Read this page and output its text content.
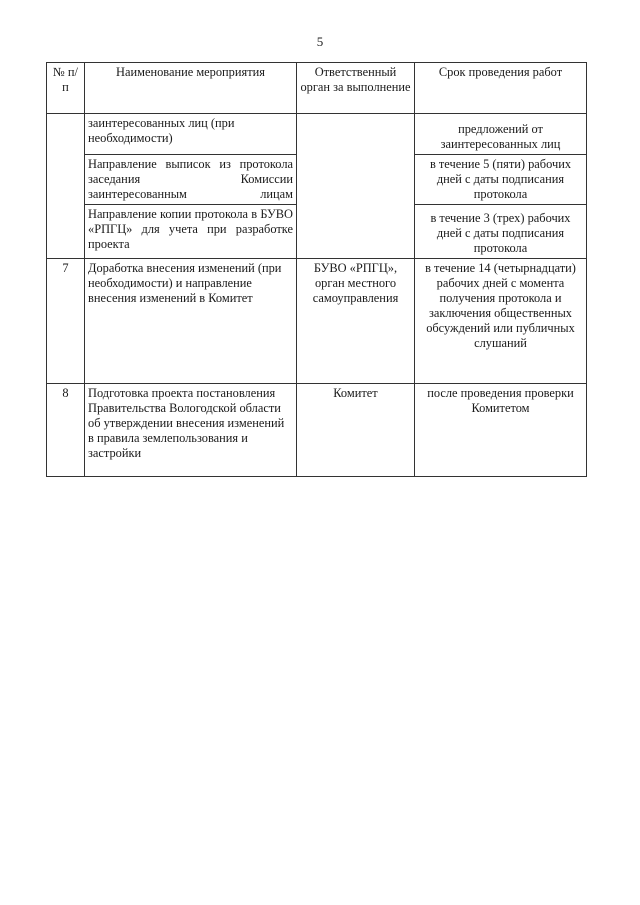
5
№ п/п	Наименование мероприятия	Ответственный орган за выполнение	Срок проведения работ
	заинтересованных лиц (при необходимости)		предложений от заинтересованных лиц
	Направление выписок из протокола заседания Комиссии заинтересованным лицам		в течение 5 (пяти) рабочих дней с даты подписания протокола
	Направление копии протокола в БУВО «РПГЦ» для учета при разработке проекта		в течение 3 (трех) рабочих дней с даты подписания протокола
7	Доработка внесения изменений (при необходимости) и направление внесения изменений в Комитет	БУВО «РПГЦ», орган местного самоуправления	в течение 14 (четырнадцати) рабочих дней с момента получения протокола и заключения общественных обсуждений или публичных слушаний
8	Подготовка проекта постановления Правительства Вологодской области об утверждении внесения изменений в правила землепользования и застройки	Комитет	после проведения проверки Комитетом
